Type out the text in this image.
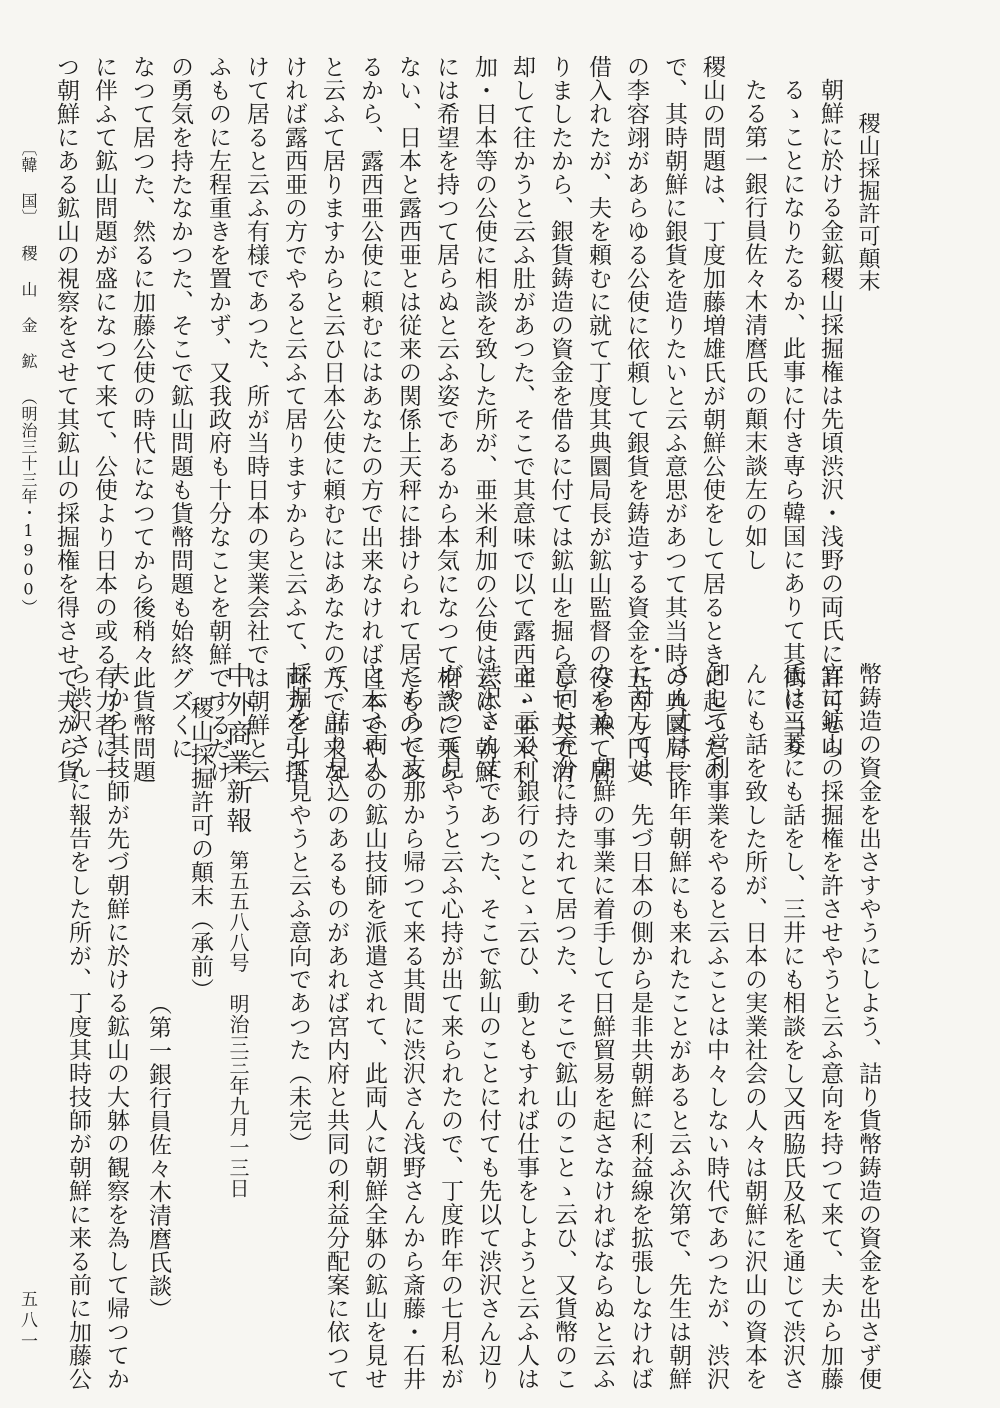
稷山採掘許可顛末
朝鮮に於ける金鉱稷山採掘権は先頃渋沢・浅野の両氏に許可せら
るゝことになりたるか、此事に付き専ら韓国にありて其衝に当り
たる第一銀行員佐々木清麿氏の顛末談左の如し
稷山の問題は、丁度加藤増雄氏が朝鮮公使をして居るときに起つたの
で、其時朝鮮に銀貨を造りたいと云ふ意思があつて其当時の典圜局長
の李容翊があらゆる公使に依頼して銀貨を鋳造する資金を五百万円丈
借入れたが、夫を頼むに就て丁度其典圜局長が鉱山監督の役を兼て居
りましたから、銀貨鋳造の資金を借るに付ては鉱山を掘らして夫で消
却して往かうと云ふ肚があつた、そこで其意味で以て露西亜・亜米利
加・日本等の公使に相談を致した所が、亜米利加の公使は云はゞ朝鮮
には希望を持つて居らぬと云ふ姿であるから本気になつて相談に乗ら
ない、日本と露西亜とは従来の関係上天秤に掛けられて居たものであ
るから、露西亜公使に頼むにはあなたの方で出来なければ日本でやる
と云ふて居りますからと云ひ日本公使に頼むにはあなたの方で出来な
ければ露西亜の方でやると云ふて居りますからと云ふて、両方を引掛
けて居ると云ふ有様であつた、所が当時日本の実業会社では朝鮮と云
ふものに左程重きを置かず、又我政府も十分なことを朝鮮でするだけ
の勇気を持たなかつた、そこで鉱山問題も貨幣問題も始終グズくに
なつて居つた、然るに加藤公使の時代になつてから後稍々此貨幣問題
に伴ふて鉱山問題が盛になつて来て、公使より日本の或る有力者に一
つ朝鮮にある鉱山の視察をさせて其鉱山の採掘権を得させて夫から貨
〔韓 国〕 稷 山 金 鉱 （明治三十三年・1900）
幣鋳造の資金を出さすやうにしよう、詰り貨幣鋳造の資金を出さず便
宜に鉱山の採掘権を許させやうと云ふ意向を持つて来て、夫から加藤
氏は三菱にも話をし、三井にも相談をし又西脇氏及私を通じて渋沢さ
んにも話を致した所が、日本の実業社会の人々は朝鮮に沢山の資本を
卸して営利事業をやると云ふことは中々しない時代であつたが、渋沢
さん丈は一昨年朝鮮にも来れたことがあると云ふ次第で、先生は朝鮮
に対しては、先づ日本の側から是非共朝鮮に利益線を拡張しなければ
ならぬ、朝鮮の事業に着手して日鮮貿易を起さなければならぬと云ふ
意向は充分に持たれて居つた、そこで鉱山のことゝ云ひ、又貨幣のこ
とゝ云ひ、銀行のことゝ云ひ、動ともすれば仕事をしようと云ふ人は
渋沢さん丈であつた、そこで鉱山のことに付ても先以て渋沢さん辺り
がやつて見やうと云ふ心持が出て来られたので、丁度昨年の七月私が
こちらに支那から帰つて来る其間に渋沢さん浅野さんから斎藤・石井
と云ふ両人の鉱山技師を派遣されて、此両人に朝鮮全躰の鉱山を見せ
て、詰り見込のあるものがあれば宮内府と共同の利益分配案に依つて
採掘をして見やうと云ふ意向であつた（未完）
中外商業新報
第五五八八号　明治三三年九月一三日
稷山採掘許可の顛末（承前）
（第一銀行員佐々木清麿氏談）
夫から其技師が先づ朝鮮に於ける鉱山の大躰の観察を為して帰つてか
ら渋沢さんに報告をした所が、丁度其時技師が朝鮮に来る前に加藤公
五八一
